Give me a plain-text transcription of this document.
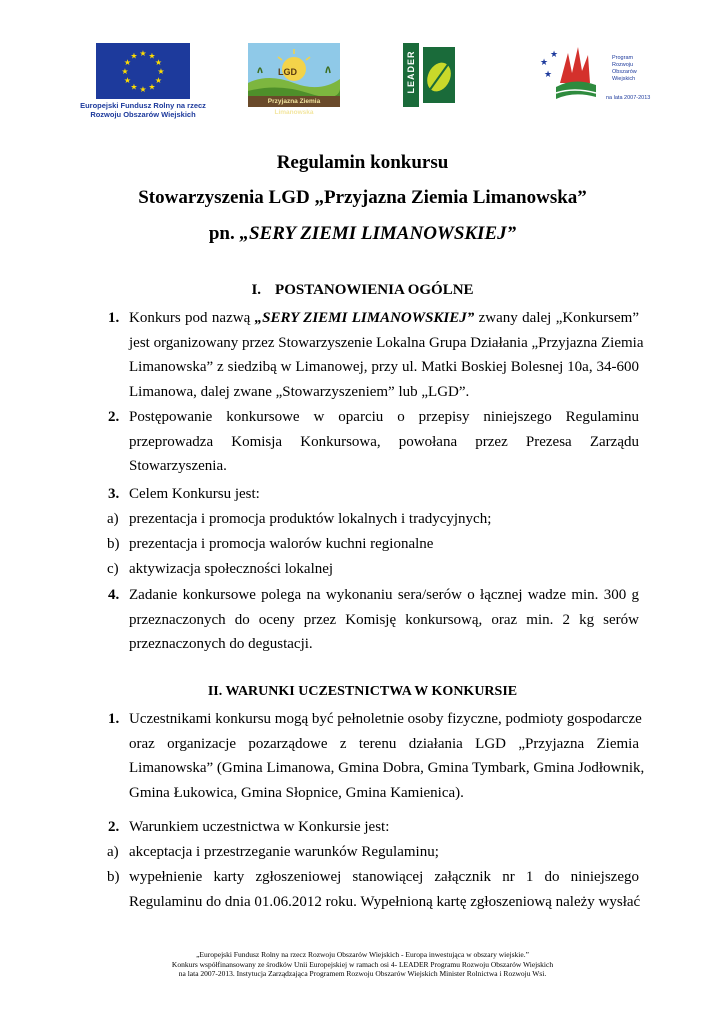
★ ★
★
★
★
★
★
★
★
★
★
★
Europejski Fundusz Rolny na rzecz
Rozwoju Obszarów Wiejskich
LGD
Przyjazna Ziemia Limanowska
LEADER	★
★
★	Program
Rozwoju
Obszarów
Wiejskich
na lata 2007-2013
Regulamin konkursu
Stowarzyszenia LGD „Przyjazna Ziemia Limanowska”
pn. „SERY ZIEMI LIMANOWSKIEJ”
I. POSTANOWIENIA OGÓLNE
1. Konkurs pod nazwą „SERY ZIEMI LIMANOWSKIEJ” zwany dalej „Konkursem”
jest organizowany przez Stowarzyszenie Lokalna Grupa Działania „Przyjazna Ziemia
Limanowska” z siedzibą w Limanowej, przy ul. Matki Boskiej Bolesnej 10a, 34-600
Limanowa, dalej zwane „Stowarzyszeniem” lub „LGD”.
2. Postępowanie konkursowe w oparciu o przepisy niniejszego Regulaminu
przeprowadza Komisja Konkursowa, powołana przez Prezesa Zarządu
Stowarzyszenia.
3. Celem Konkursu jest:
a) prezentacja i promocja produktów lokalnych i tradycyjnych;
b) prezentacja i promocja walorów kuchni regionalne
c) aktywizacja społeczności lokalnej
4. Zadanie konkursowe polega na wykonaniu sera/serów o łącznej wadze min. 300 g
przeznaczonych do oceny przez Komisję konkursową, oraz min. 2 kg serów
przeznaczonych do degustacji.
II. WARUNKI UCZESTNICTWA W KONKURSIE
1. Uczestnikami konkursu mogą być pełnoletnie osoby fizyczne, podmioty gospodarcze
oraz organizacje pozarządowe z terenu działania LGD „Przyjazna Ziemia
Limanowska” (Gmina Limanowa, Gmina Dobra, Gmina Tymbark, Gmina Jodłownik,
Gmina Łukowica, Gmina Słopnice, Gmina Kamienica).
2. Warunkiem uczestnictwa w Konkursie jest:
a) akceptacja i przestrzeganie warunków Regulaminu;
b) wypełnienie karty zgłoszeniowej stanowiącej załącznik nr 1 do niniejszego
Regulaminu do dnia 01.06.2012 roku. Wypełnioną kartę zgłoszeniową należy wysłać
„Europejski Fundusz Rolny na rzecz Rozwoju Obszarów Wiejskich - Europa inwestująca w obszary wiejskie.”
Konkurs współfinansowany ze środków Unii Europejskiej w ramach osi 4- LEADER Programu Rozwoju Obszarów Wiejskich
na lata 2007-2013. Instytucja Zarządzająca Programem Rozwoju Obszarów Wiejskich Minister Rolnictwa i Rozwoju Wsi.
